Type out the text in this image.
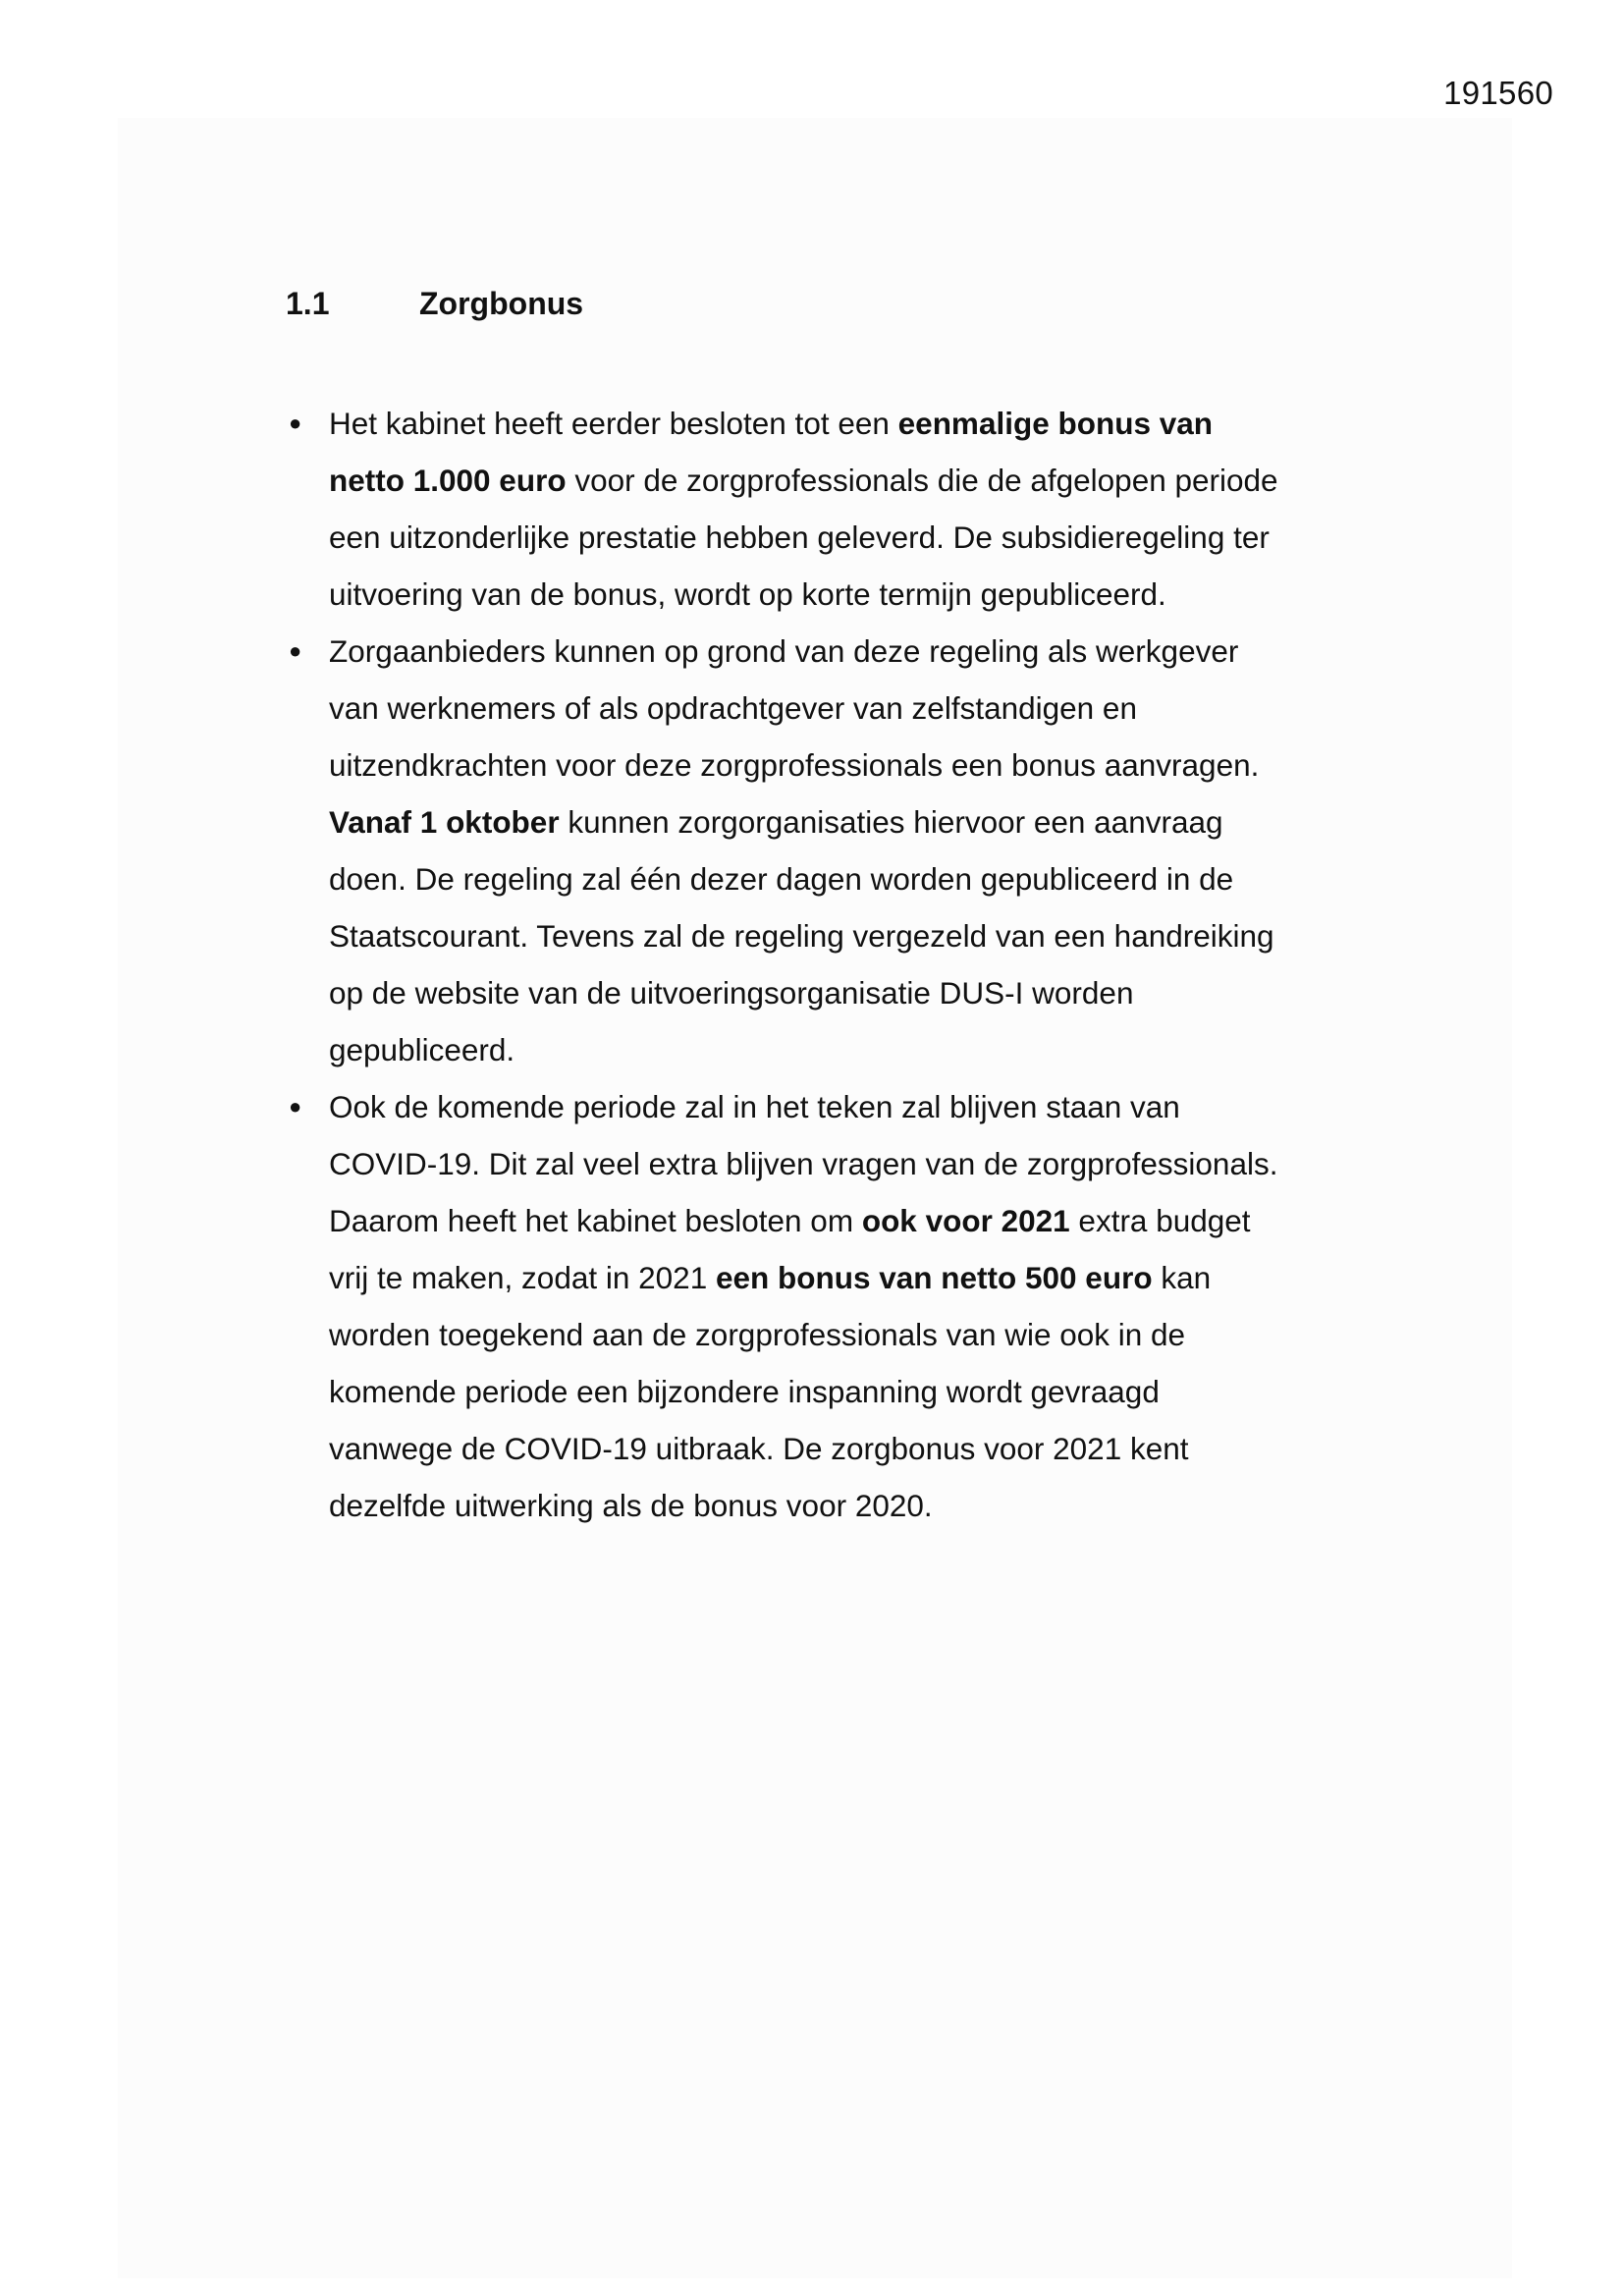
191560
1.1	Zorgbonus
● Het kabinet heeft eerder besloten tot een eenmalige bonus van
netto 1.000 euro voor de zorgprofessionals die de afgelopen periode
een uitzonderlijke prestatie hebben geleverd. De subsidieregeling ter
uitvoering van de bonus, wordt op korte termijn gepubliceerd.
● Zorgaanbieders kunnen op grond van deze regeling als werkgever
van werknemers of als opdrachtgever van zelfstandigen en
uitzendkrachten voor deze zorgprofessionals een bonus aanvragen.
Vanaf 1 oktober kunnen zorgorganisaties hiervoor een aanvraag
doen. De regeling zal één dezer dagen worden gepubliceerd in de
Staatscourant. Tevens zal de regeling vergezeld van een handreiking
op de website van de uitvoeringsorganisatie DUS-I worden
gepubliceerd.
● Ook de komende periode zal in het teken zal blijven staan van
COVID-19. Dit zal veel extra blijven vragen van de zorgprofessionals.
Daarom heeft het kabinet besloten om ook voor 2021 extra budget
vrij te maken, zodat in 2021 een bonus van netto 500 euro kan
worden toegekend aan de zorgprofessionals van wie ook in de
komende periode een bijzondere inspanning wordt gevraagd
vanwege de COVID-19 uitbraak. De zorgbonus voor 2021 kent
dezelfde uitwerking als de bonus voor 2020.
